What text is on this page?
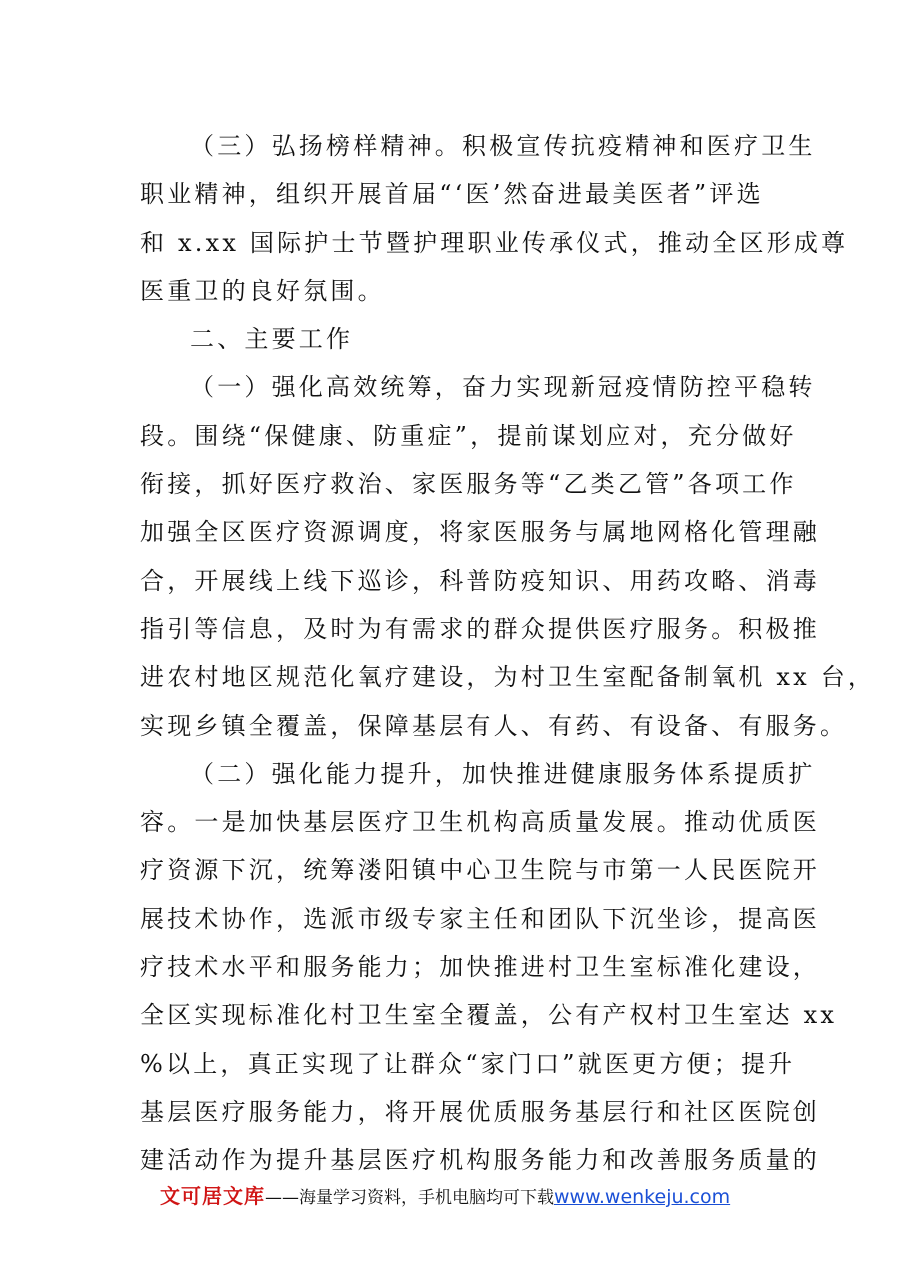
（三）弘扬榜样精神。积极宣传抗疫精神和医疗卫生
职业精神，组织开展首届“‘医’然奋进最美医者”评选
和 x.xx 国际护士节暨护理职业传承仪式，推动全区形成尊
医重卫的良好氛围。
二、主要工作
（一）强化高效统筹，奋力实现新冠疫情防控平稳转
段。围绕“保健康、防重症”，提前谋划应对，充分做好
衔接，抓好医疗救治、家医服务等“乙类乙管”各项工作
加强全区医疗资源调度，将家医服务与属地网格化管理融
合，开展线上线下巡诊，科普防疫知识、用药攻略、消毒
指引等信息，及时为有需求的群众提供医疗服务。积极推
进农村地区规范化氧疗建设，为村卫生室配备制氧机 xx 台，
实现乡镇全覆盖，保障基层有人、有药、有设备、有服务。
（二）强化能力提升，加快推进健康服务体系提质扩
容。一是加快基层医疗卫生机构高质量发展。推动优质医
疗资源下沉，统筹溇阳镇中心卫生院与市第一人民医院开
展技术协作，选派市级专家主任和团队下沉坐诊，提高医
疗技术水平和服务能力；加快推进村卫生室标准化建设，
全区实现标准化村卫生室全覆盖，公有产权村卫生室达 xx
%以上，真正实现了让群众“家门口”就医更方便；提升
基层医疗服务能力，将开展优质服务基层行和社区医院创
建活动作为提升基层医疗机构服务能力和改善服务质量的
文可居文库——海量学习资料，手机电脑均可下载www.wenkeju.com
